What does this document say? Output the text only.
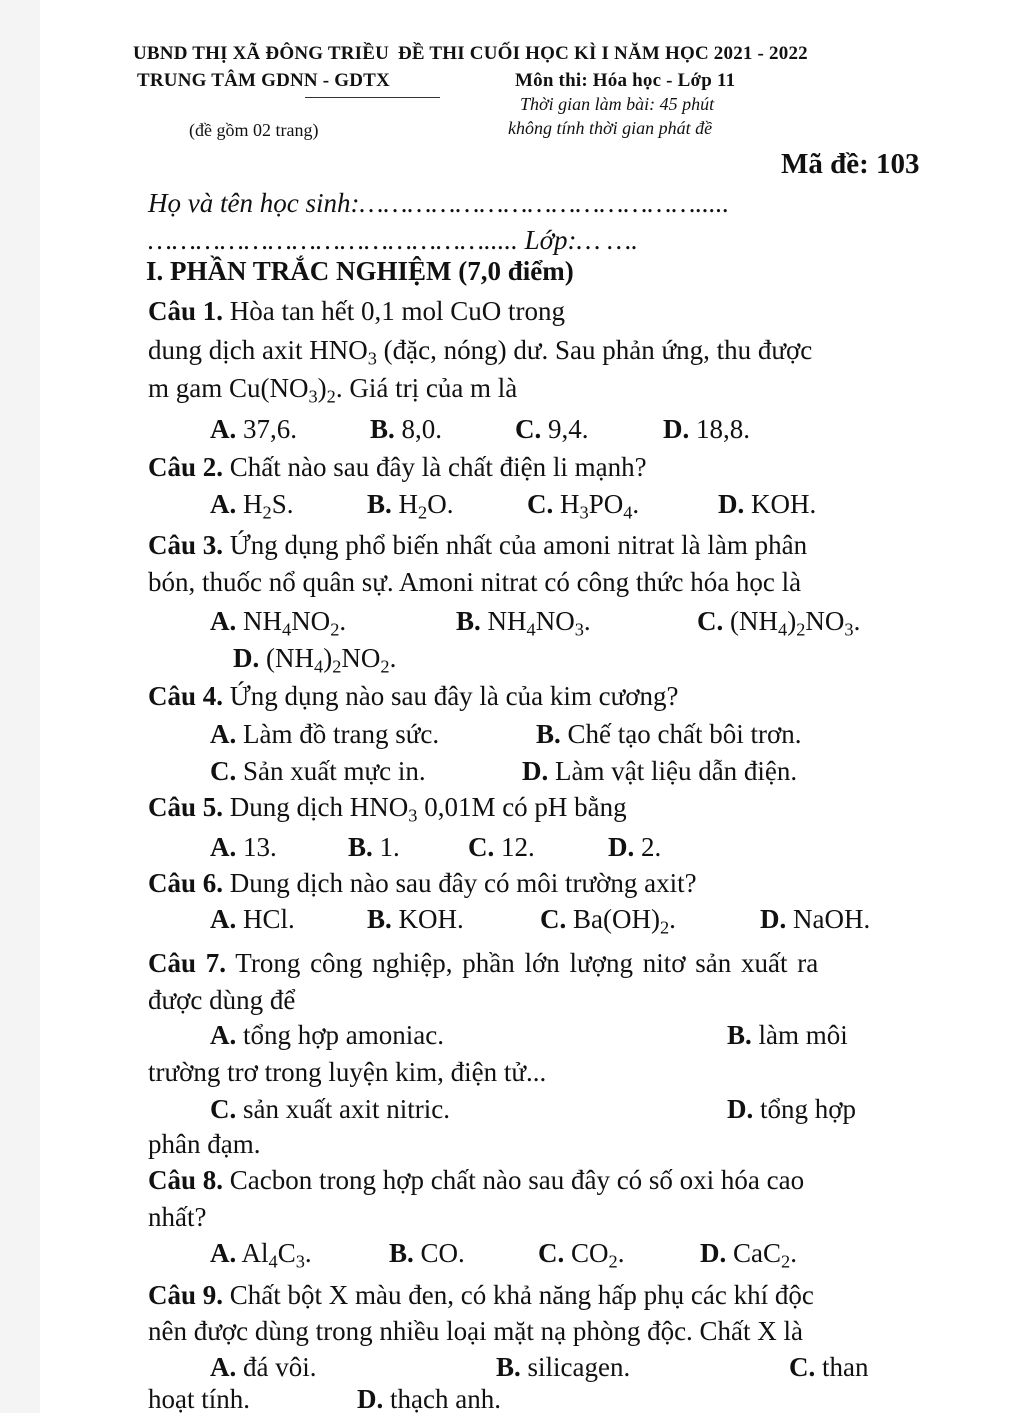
UBND THỊ XÃ ĐÔNG TRIỀU ĐỀ THI CUỐI HỌC KÌ I NĂM HỌC 2021 - 2022
TRUNG TÂM GDNN - GDTX	Môn thi: Hóa học - Lớp 11
Thời gian làm bài: 45 phút
(đề gồm 02 trang)	không tính thời gian phát đề
Mã đề: 103
Họ và tên học sinh:…………………………………….....
……………………………………..... Lớp:… ….
I. PHẦN TRẮC NGHIỆM (7,0 điểm)
Câu 1. Hòa tan hết 0,1 mol CuO trong
dung dịch axit $HNO_3$ (đặc, nóng) dư. Sau phản ứng, thu được
m gam $Cu(NO_3)_2$. Giá trị của m là
A. 37,6.	B. 8,0.	C. 9,4.	D. 18,8.
Câu 2. Chất nào sau đây là chất điện li mạnh?
A. $H_2S$.	B. $H_2O$.	C. $H_3PO_4$.	D. KOH.
Câu 3. Ứng dụng phổ biến nhất của amoni nitrat là làm phân
bón, thuốc nổ quân sự. Amoni nitrat có công thức hóa học là
A. $NH_4NO_2$.	B. $NH_4NO_3$.	C. $(NH_4)_2NO_3$.
D. $(NH_4)_2NO_2$.
Câu 4. Ứng dụng nào sau đây là của kim cương?
A. Làm đồ trang sức.	B. Chế tạo chất bôi trơn.
C. Sản xuất mực in.	D. Làm vật liệu dẫn điện.
Câu 5. Dung dịch $HNO_3$ 0,01M có pH bằng
A. 13.	B. 1.	C. 12.	D. 2.
Câu 6. Dung dịch nào sau đây có môi trường axit?
A. HCl.	B. KOH.	C. $Ba(OH)_2$.	D. NaOH.
Câu 7. Trong công nghiệp, phần lớn lượng nitơ sản xuất ra
được dùng để
A. tổng hợp amoniac.	B. làm môi
trường trơ trong luyện kim, điện tử...
C. sản xuất axit nitric.	D. tổng hợp
phân đạm.
Câu 8. Cacbon trong hợp chất nào sau đây có số oxi hóa cao
nhất?
A. $Al_4C_3$.	B. CO.	C. $CO_2$.	D. CaC$_2$.
Câu 9. Chất bột X màu đen, có khả năng hấp phụ các khí độc
nên được dùng trong nhiều loại mặt nạ phòng độc. Chất X là
A. đá vôi.	B. silicagen.	C. than
hoạt tính.	D. thạch anh.
